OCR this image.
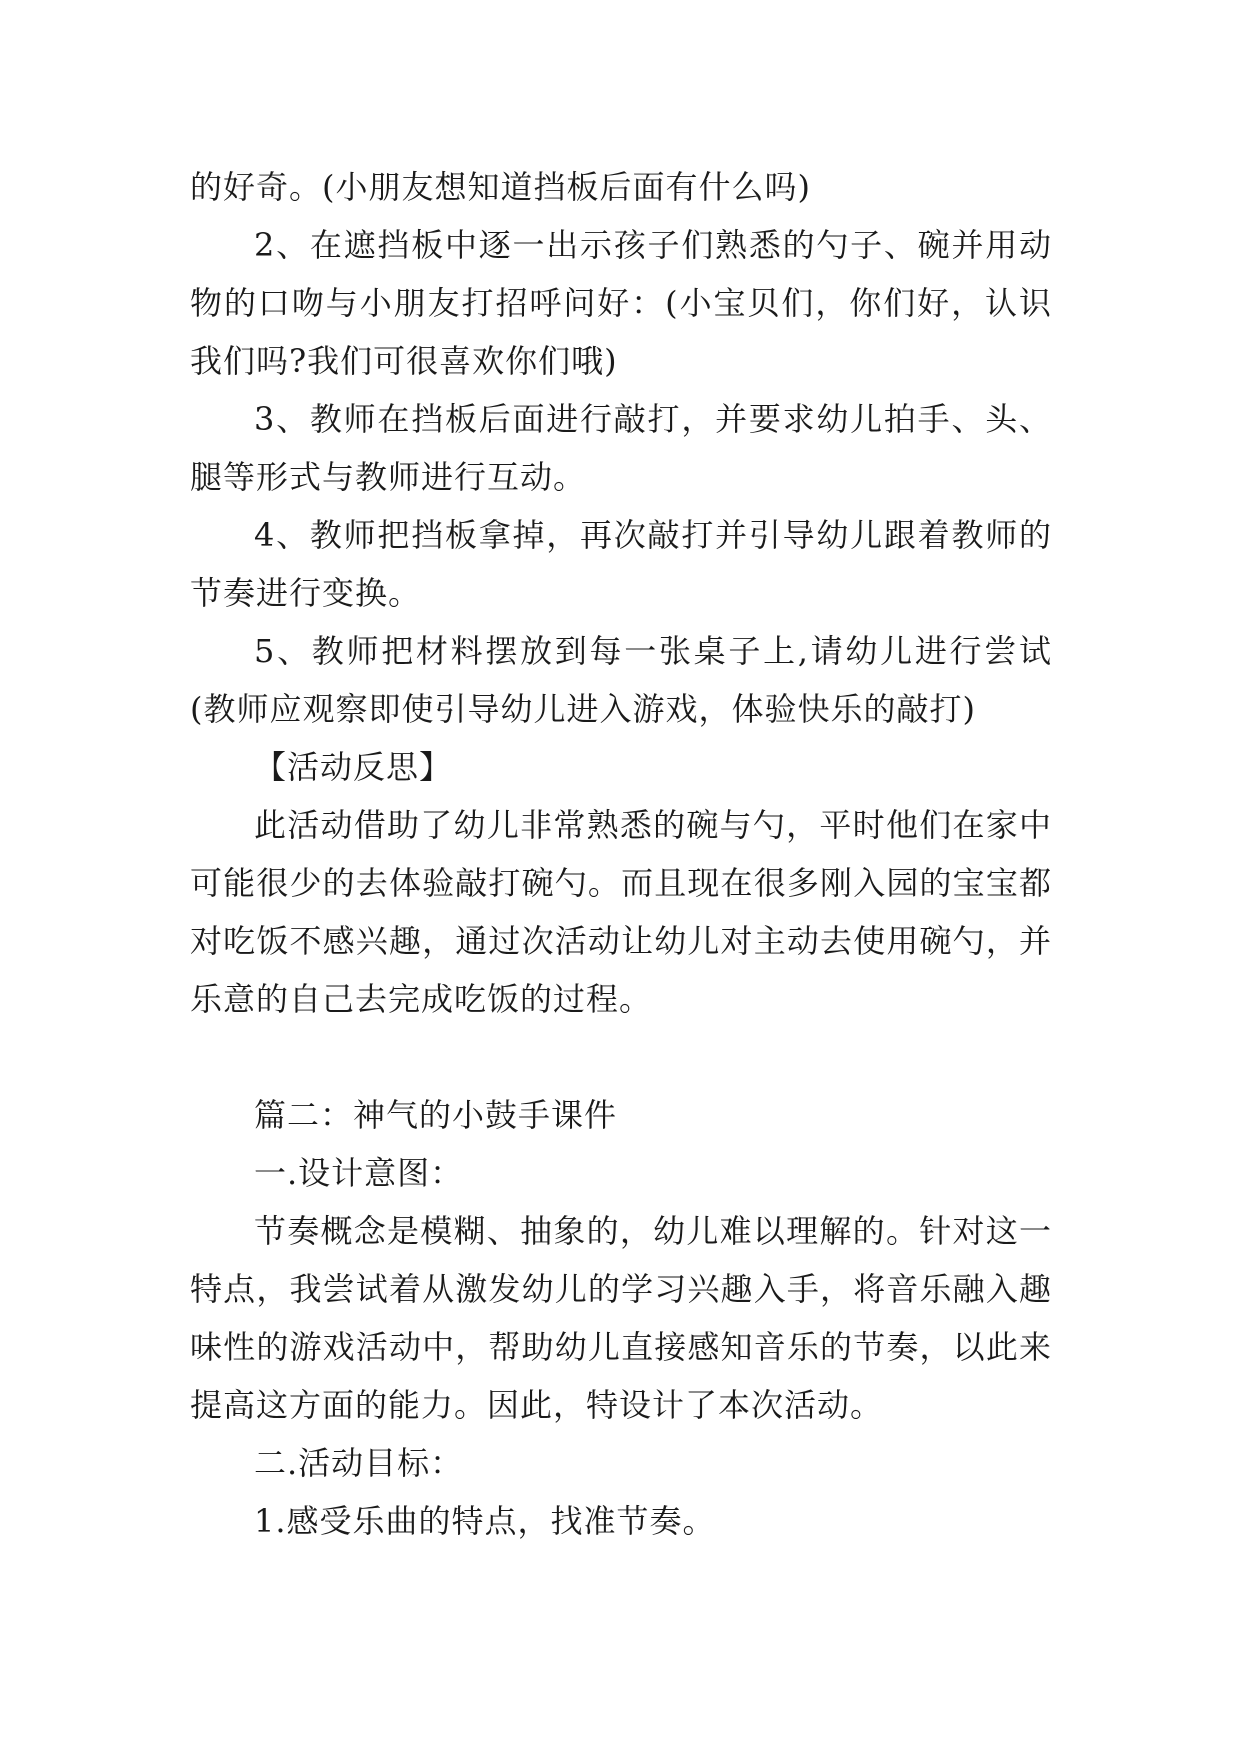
的好奇。(小朋友想知道挡板后面有什么吗)

2、在遮挡板中逐一出示孩子们熟悉的勺子、碗并用动物的口吻与小朋友打招呼问好：(小宝贝们，你们好，认识我们吗?我们可很喜欢你们哦)

3、教师在挡板后面进行敲打，并要求幼儿拍手、头、腿等形式与教师进行互动。

4、教师把挡板拿掉，再次敲打并引导幼儿跟着教师的节奏进行变换。

5、教师把材料摆放到每一张桌子上,请幼儿进行尝试(教师应观察即使引导幼儿进入游戏，体验快乐的敲打)

【活动反思】

此活动借助了幼儿非常熟悉的碗与勺，平时他们在家中可能很少的去体验敲打碗勺。而且现在很多刚入园的宝宝都对吃饭不感兴趣，通过次活动让幼儿对主动去使用碗勺，并乐意的自己去完成吃饭的过程。

篇二：神气的小鼓手课件

一.设计意图：

节奏概念是模糊、抽象的，幼儿难以理解的。针对这一特点，我尝试着从激发幼儿的学习兴趣入手，将音乐融入趣味性的游戏活动中，帮助幼儿直接感知音乐的节奏，以此来提高这方面的能力。因此，特设计了本次活动。

二.活动目标：

1.感受乐曲的特点，找准节奏。
